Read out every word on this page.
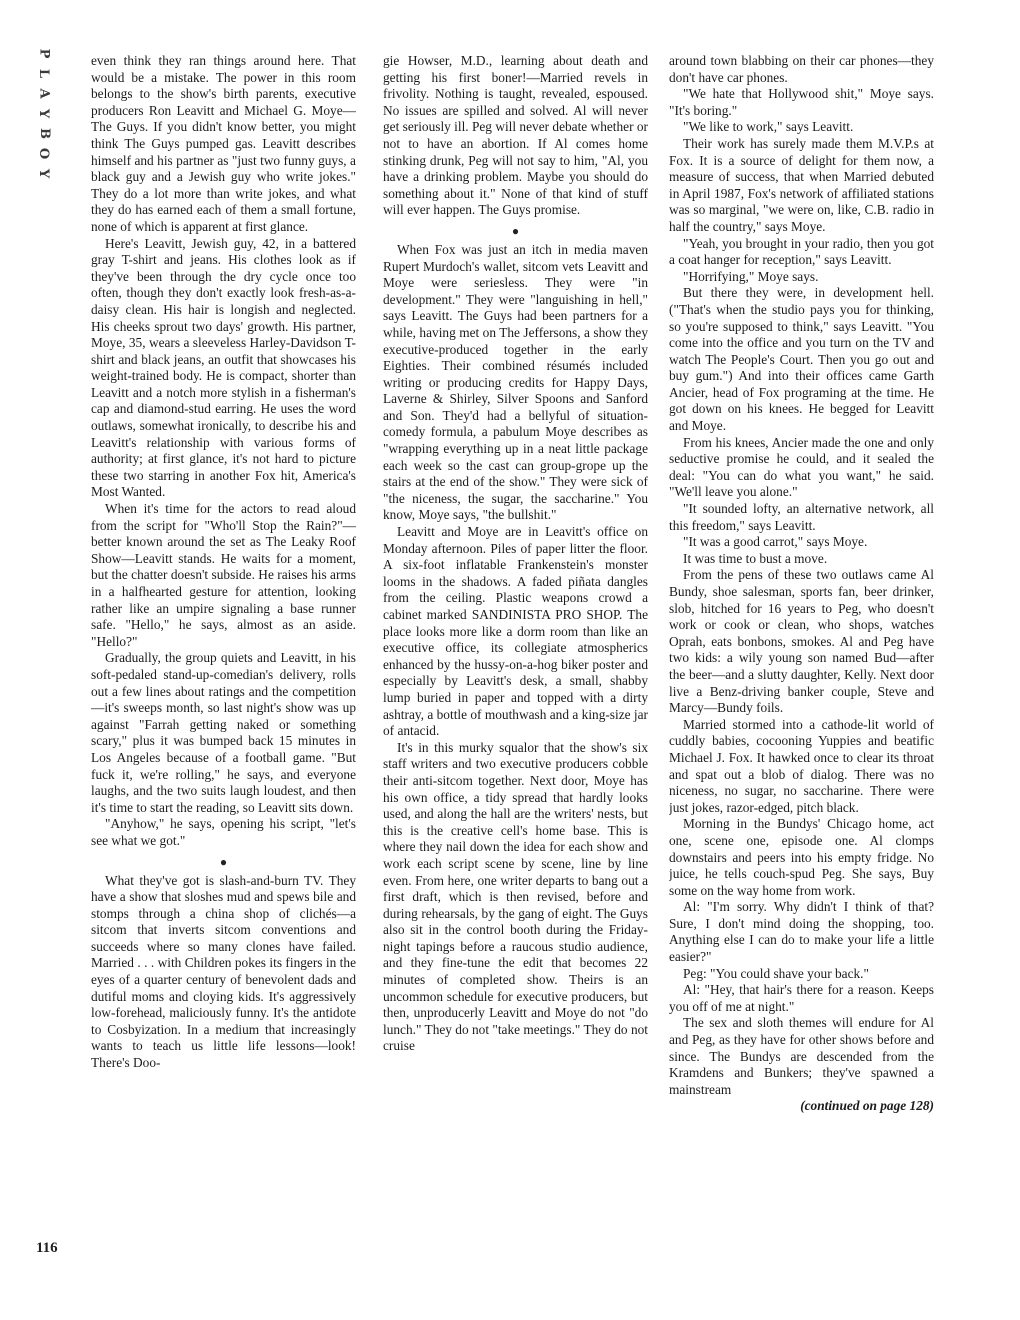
P
L
A
Y
B
O
Y
116

even think they ran things around here. That would be a mistake. The power in this room belongs to the show's birth parents, executive producers Ron Leavitt and Michael G. Moye—The Guys. If you didn't know better, you might think The Guys pumped gas. Leavitt describes himself and his partner as "just two funny guys, a black guy and a Jewish guy who write jokes." They do a lot more than write jokes, and what they do has earned each of them a small fortune, none of which is apparent at first glance.

Here's Leavitt, Jewish guy, 42, in a battered gray T-shirt and jeans. His clothes look as if they've been through the dry cycle once too often, though they don't exactly look fresh-as-a-daisy clean. His hair is longish and neglected. His cheeks sprout two days' growth. His partner, Moye, 35, wears a sleeveless Harley-Davidson T-shirt and black jeans, an outfit that showcases his weight-trained body. He is compact, shorter than Leavitt and a notch more stylish in a fisherman's cap and diamond-stud earring. He uses the word outlaws, somewhat ironically, to describe his and Leavitt's relationship with various forms of authority; at first glance, it's not hard to picture these two starring in another Fox hit, America's Most Wanted.

When it's time for the actors to read aloud from the script for "Who'll Stop the Rain?"—better known around the set as The Leaky Roof Show—Leavitt stands. He waits for a moment, but the chatter doesn't subside. He raises his arms in a halfhearted gesture for attention, looking rather like an umpire signaling a base runner safe. "Hello," he says, almost as an aside. "Hello?"

Gradually, the group quiets and Leavitt, in his soft-pedaled stand-up-comedian's delivery, rolls out a few lines about ratings and the competition—it's sweeps month, so last night's show was up against "Farrah getting naked or something scary," plus it was bumped back 15 minutes in Los Angeles because of a football game. "But fuck it, we're rolling," he says, and everyone laughs, and the two suits laugh loudest, and then it's time to start the reading, so Leavitt sits down.

"Anyhow," he says, opening his script, "let's see what we got."

●

What they've got is slash-and-burn TV. They have a show that sloshes mud and spews bile and stomps through a china shop of clichés—a sitcom that inverts sitcom conventions and succeeds where so many clones have failed. Married . . . with Children pokes its fingers in the eyes of a quarter century of benevolent dads and dutiful moms and cloying kids. It's aggressively low-forehead, maliciously funny. It's the antidote to Cosbyization. In a medium that increasingly wants to teach us little life lessons—look! There's Doo-

gie Howser, M.D., learning about death and getting his first boner!—Married revels in frivolity. Nothing is taught, revealed, espoused. No issues are spilled and solved. Al will never get seriously ill. Peg will never debate whether or not to have an abortion. If Al comes home stinking drunk, Peg will not say to him, "Al, you have a drinking problem. Maybe you should do something about it." None of that kind of stuff will ever happen. The Guys promise.

●

When Fox was just an itch in media maven Rupert Murdoch's wallet, sitcom vets Leavitt and Moye were seriesless. They were "in development." They were "languishing in hell," says Leavitt. The Guys had been partners for a while, having met on The Jeffersons, a show they executive-produced together in the early Eighties. Their combined résumés included writing or producing credits for Happy Days, Laverne & Shirley, Silver Spoons and Sanford and Son. They'd had a bellyful of situation-comedy formula, a pabulum Moye describes as "wrapping everything up in a neat little package each week so the cast can group-grope up the stairs at the end of the show." They were sick of "the niceness, the sugar, the saccharine." You know, Moye says, "the bullshit."

Leavitt and Moye are in Leavitt's office on Monday afternoon. Piles of paper litter the floor. A six-foot inflatable Frankenstein's monster looms in the shadows. A faded piñata dangles from the ceiling. Plastic weapons crowd a cabinet marked SANDINISTA PRO SHOP. The place looks more like a dorm room than like an executive office, its collegiate atmospherics enhanced by the hussy-on-a-hog biker poster and especially by Leavitt's desk, a small, shabby lump buried in paper and topped with a dirty ashtray, a bottle of mouthwash and a king-size jar of antacid.

It's in this murky squalor that the show's six staff writers and two executive producers cobble their anti-sitcom together. Next door, Moye has his own office, a tidy spread that hardly looks used, and along the hall are the writers' nests, but this is the creative cell's home base. This is where they nail down the idea for each show and work each script scene by scene, line by line even. From here, one writer departs to bang out a first draft, which is then revised, before and during rehearsals, by the gang of eight. The Guys also sit in the control booth during the Friday-night tapings before a raucous studio audience, and they fine-tune the edit that becomes 22 minutes of completed show. Theirs is an uncommon schedule for executive producers, but then, unproducerly Leavitt and Moye do not "do lunch." They do not "take meetings." They do not cruise

around town blabbing on their car phones—they don't have car phones.

"We hate that Hollywood shit," Moye says. "It's boring."

"We like to work," says Leavitt.

Their work has surely made them M.V.P.s at Fox. It is a source of delight for them now, a measure of success, that when Married debuted in April 1987, Fox's network of affiliated stations was so marginal, "we were on, like, C.B. radio in half the country," says Moye.

"Yeah, you brought in your radio, then you got a coat hanger for reception," says Leavitt.

"Horrifying," Moye says.

But there they were, in development hell. ("That's when the studio pays you for thinking, so you're supposed to think," says Leavitt. "You come into the office and you turn on the TV and watch The People's Court. Then you go out and buy gum.") And into their offices came Garth Ancier, head of Fox programing at the time. He got down on his knees. He begged for Leavitt and Moye.

From his knees, Ancier made the one and only seductive promise he could, and it sealed the deal: "You can do what you want," he said. "We'll leave you alone."

"It sounded lofty, an alternative network, all this freedom," says Leavitt.

"It was a good carrot," says Moye.

It was time to bust a move.

From the pens of these two outlaws came Al Bundy, shoe salesman, sports fan, beer drinker, slob, hitched for 16 years to Peg, who doesn't work or cook or clean, who shops, watches Oprah, eats bonbons, smokes. Al and Peg have two kids: a wily young son named Bud—after the beer—and a slutty daughter, Kelly. Next door live a Benz-driving banker couple, Steve and Marcy—Bundy foils.

Married stormed into a cathode-lit world of cuddly babies, cocooning Yuppies and beatific Michael J. Fox. It hawked once to clear its throat and spat out a blob of dialog. There was no niceness, no sugar, no saccharine. There were just jokes, razor-edged, pitch black.

Morning in the Bundys' Chicago home, act one, scene one, episode one. Al clomps downstairs and peers into his empty fridge. No juice, he tells couch-spud Peg. She says, Buy some on the way home from work.

Al: "I'm sorry. Why didn't I think of that? Sure, I don't mind doing the shopping, too. Anything else I can do to make your life a little easier?"

Peg: "You could shave your back."

Al: "Hey, that hair's there for a reason. Keeps you off of me at night."

The sex and sloth themes will endure for Al and Peg, as they have for other shows before and since. The Bundys are descended from the Kramdens and Bunkers; they've spawned a mainstream

(continued on page 128)
